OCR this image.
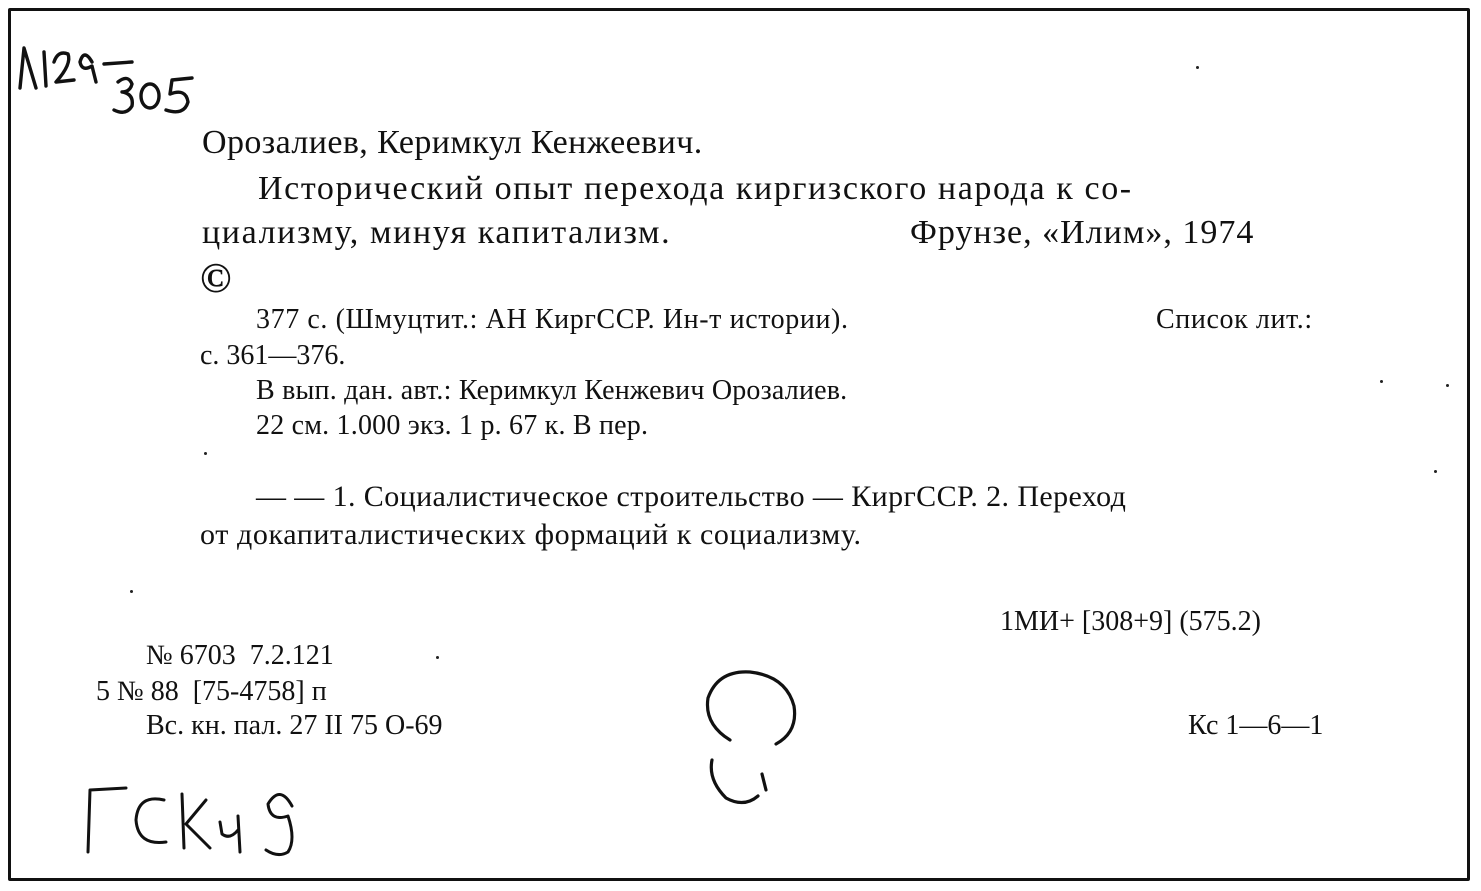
Орозалиев, Керимкул Кенжеевич.

Исторический опыт перехода киргизского народа к со-

циализму, минуя капитализм.	Фрунзе, «Илим», 1974

©

377 с. (Шмуцтит.: АН КиргССР. Ин-т истории).	Список лит.:

с. 361—376.

В вып. дан. авт.: Керимкул Кенжевич Орозалиев.

22 см. 1.000 экз. 1 р. 67 к. В пер.

— — 1. Социалистическое строительство — КиргССР. 2. Переход

от докапиталистических формаций к социализму.

1МИ+ [308+9] (575.2)

№ 6703  7.2.121

5 № 88  [75-4758] п

Вс. кн. пал. 27 II 75 О-69	Кс 1—6—1
